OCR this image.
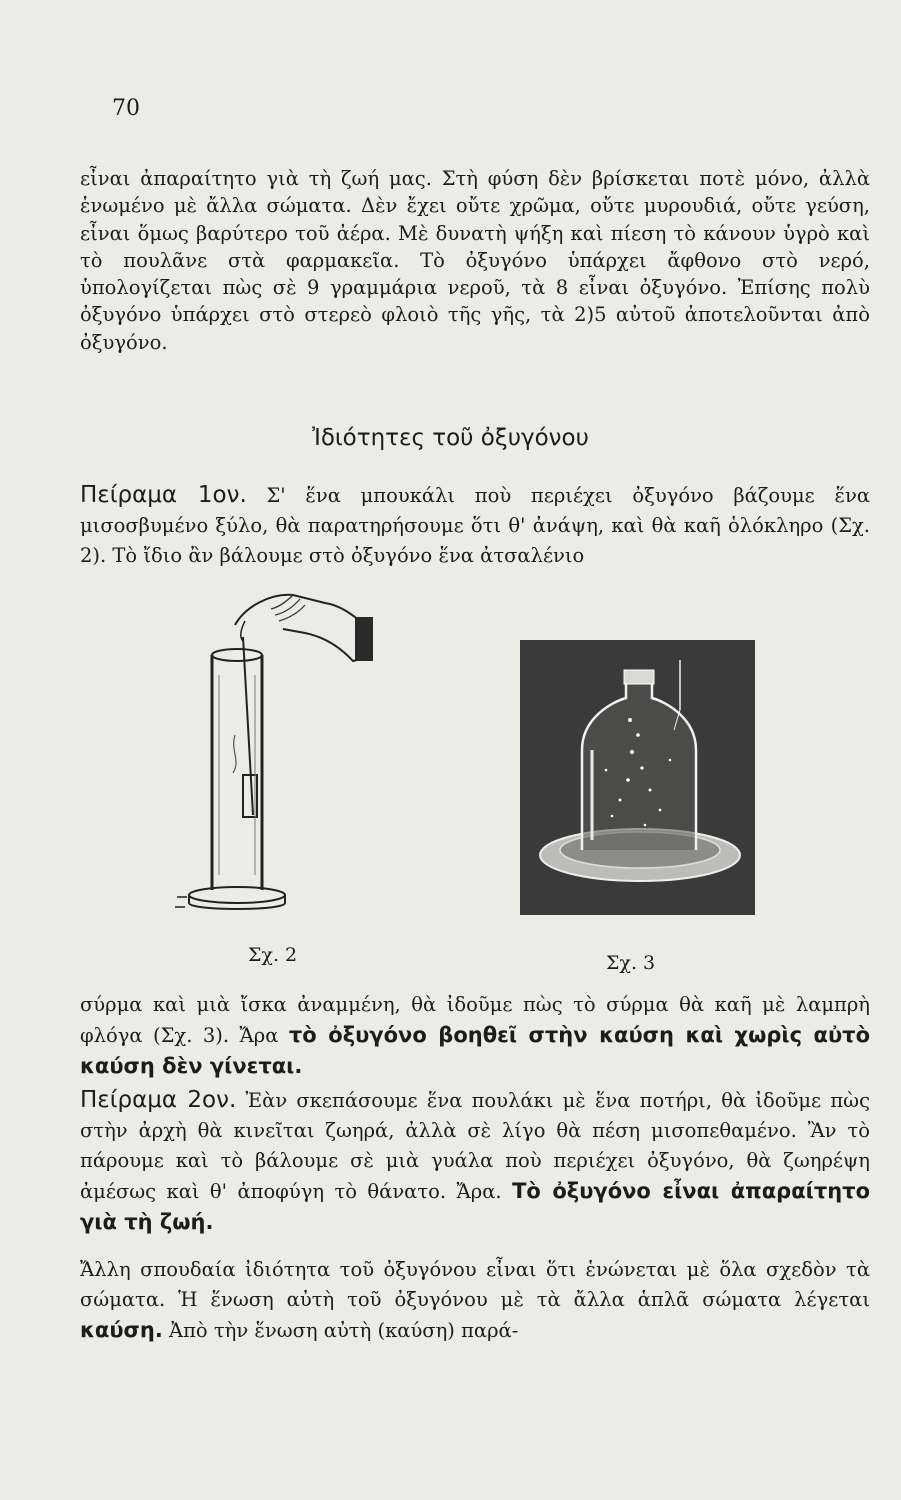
70

εἶναι ἀπαραίτητο γιὰ τὴ ζωή μας. Στὴ φύση δὲν βρίσκεται ποτὲ μόνο, ἀλλὰ ἑνωμένο μὲ ἄλλα σώματα. Δὲν ἔχει οὔτε χρῶμα, οὔτε μυρουδιά, οὔτε γεύση, εἶναι ὅμως βαρύτερο τοῦ ἀέρα. Μὲ δυνατὴ ψήξη καὶ πίεση τὸ κάνουν ὑγρὸ καὶ τὸ πουλᾶνε στὰ φαρμακεῖα. Τὸ ὀξυγόνο ὑπάρχει ἄφθονο στὸ νερό, ὑπολογίζεται πὼς σὲ 9 γραμμάρια νεροῦ, τὰ 8 εἶναι ὀξυγόνο. Ἐπίσης πολὺ ὀξυγόνο ὑπάρχει στὸ στερεὸ φλοιὸ τῆς γῆς, τὰ 2)5 αὐτοῦ ἀποτελοῦνται ἀπὸ ὀξυγόνο.

Ἰδιότητες τοῦ ὀξυγόνου

Πείραμα 1ον. Σ' ἕνα μπουκάλι ποὺ περιέχει ὀξυγόνο βάζουμε ἕνα μισοσβυμένο ξύλο, θὰ παρατηρήσουμε ὅτι θ' ἀνάψη, καὶ θὰ καῆ ὁλόκληρο (Σχ. 2). Τὸ ἴδιο ἂν βάλουμε στὸ ὀξυγόνο ἕνα ἀτσαλένιο

Σχ. 2	Σχ. 3

σύρμα καὶ μιὰ ἴσκα ἀναμμένη, θὰ ἰδοῦμε πὼς τὸ σύρμα θὰ καῆ μὲ λαμπρὴ φλόγα (Σχ. 3). Ἄρα τὸ ὀξυγόνο βοηθεῖ στὴν καύση καὶ χωρὶς αὐτὸ καύση δὲν γίνεται.

Πείραμα 2ον. Ἐὰν σκεπάσουμε ἕνα πουλάκι μὲ ἕνα ποτήρι, θὰ ἰδοῦμε πὼς στὴν ἀρχὴ θὰ κινεῖται ζωηρά, ἀλλὰ σὲ λίγο θὰ πέση μισοπεθαμένο. Ἂν τὸ πάρουμε καὶ τὸ βάλουμε σὲ μιὰ γυάλα ποὺ περιέχει ὀξυγόνο, θὰ ζωηρέψη ἀμέσως καὶ θ' ἀποφύγη τὸ θάνατο. Ἄρα. Τὸ ὀξυγόνο εἶναι ἀπαραίτητο γιὰ τὴ ζωή.

Ἄλλη σπουδαία ἰδιότητα τοῦ ὀξυγόνου εἶναι ὅτι ἑνώνεται μὲ ὅλα σχεδὸν τὰ σώματα. Ἡ ἕνωση αὐτὴ τοῦ ὀξυγόνου μὲ τὰ ἄλλα ἁπλᾶ σώματα λέγεται καύση. Ἀπὸ τὴν ἕνωση αὐτὴ (καύση) παρά-
